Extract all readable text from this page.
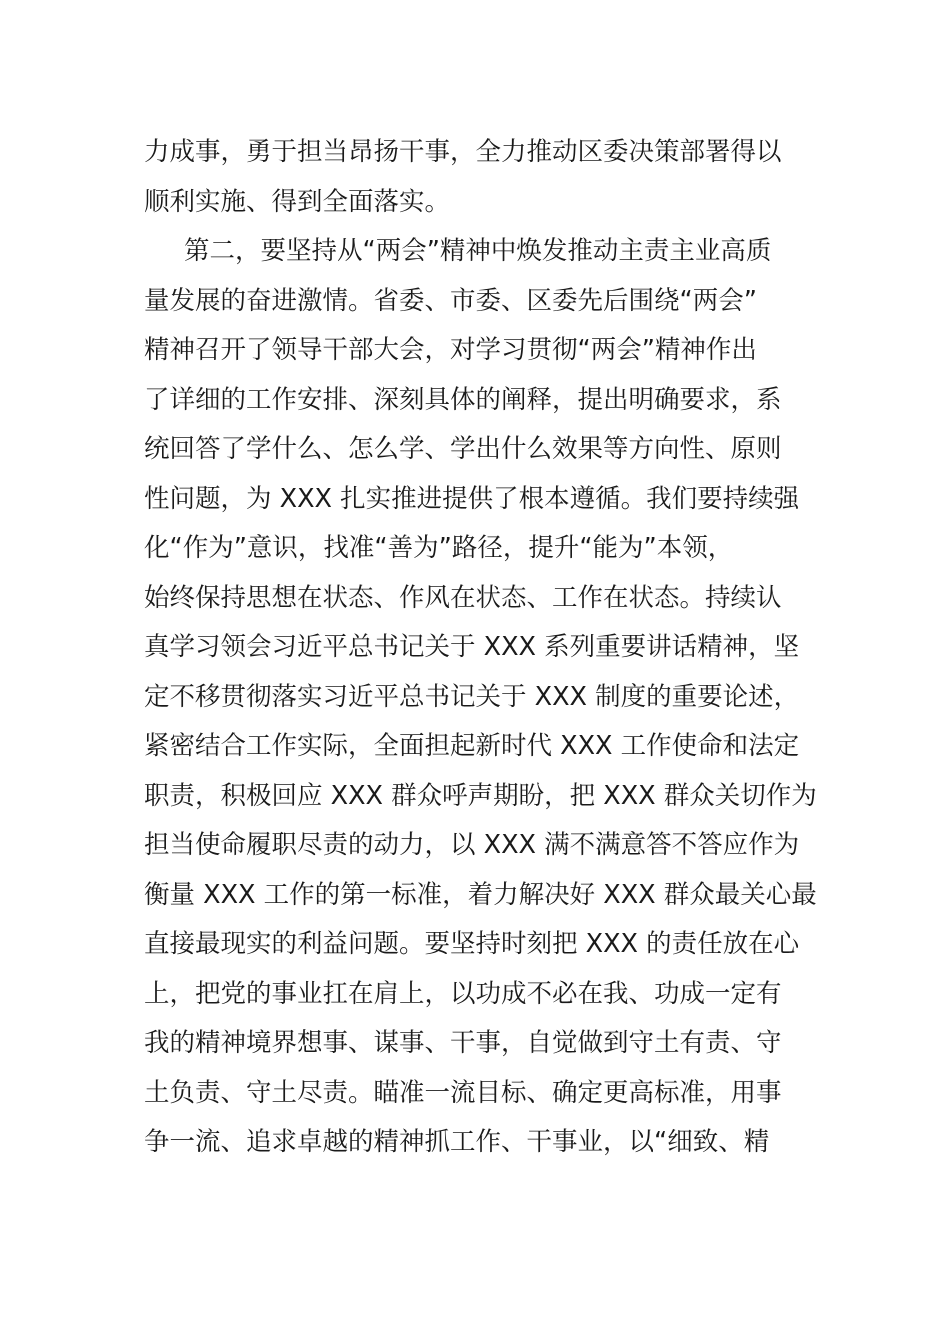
力成事，勇于担当昂扬干事，全力推动区委决策部署得以
顺利实施、得到全面落实。
第二，要坚持从“两会”精神中焕发推动主责主业高质
量发展的奋进激情。省委、市委、区委先后围绕“两会”
精神召开了领导干部大会，对学习贯彻“两会”精神作出
了详细的工作安排、深刻具体的阐释，提出明确要求，系
统回答了学什么、怎么学、学出什么效果等方向性、原则
性问题，为 XXX 扎实推进提供了根本遵循。我们要持续强
化“作为”意识，找准“善为”路径，提升“能为”本领，
始终保持思想在状态、作风在状态、工作在状态。持续认
真学习领会习近平总书记关于 XXX 系列重要讲话精神，坚
定不移贯彻落实习近平总书记关于 XXX 制度的重要论述，
紧密结合工作实际，全面担起新时代 XXX 工作使命和法定
职责，积极回应 XXX 群众呼声期盼，把 XXX 群众关切作为
担当使命履职尽责的动力，以 XXX 满不满意答不答应作为
衡量 XXX 工作的第一标准，着力解决好 XXX 群众最关心最
直接最现实的利益问题。要坚持时刻把 XXX 的责任放在心
上，把党的事业扛在肩上，以功成不必在我、功成一定有
我的精神境界想事、谋事、干事，自觉做到守土有责、守
土负责、守土尽责。瞄准一流目标、确定更高标准，用事
争一流、追求卓越的精神抓工作、干事业，以“细致、精
